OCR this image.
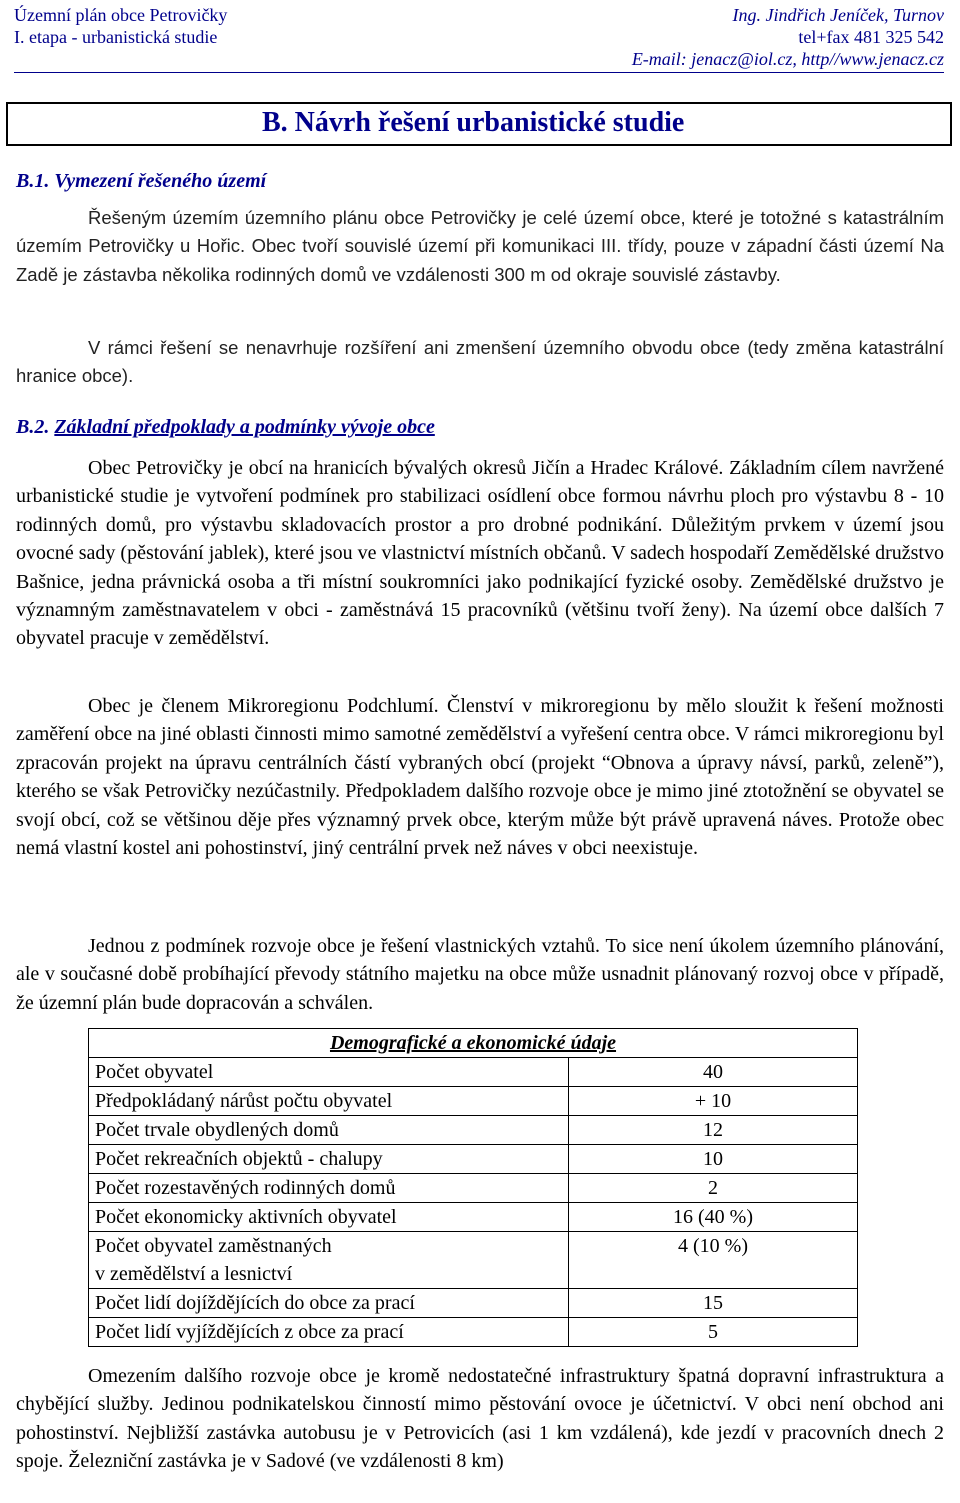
Územní plán obce Petrovičky
I. etapa - urbanistická studie
Ing. Jindřich Jeníček, Turnov
tel+fax 481 325 542
E-mail: jenacz@iol.cz, http//www.jenacz.cz
B. Návrh řešení urbanistické studie
B.1. Vymezení řešeného území
Řešeným územím územního plánu obce Petrovičky je celé území obce, které je totožné s katastrálním územím Petrovičky u Hořic. Obec tvoří souvislé území při komunikaci III. třídy, pouze v západní části území Na Zadě je zástavba několika rodinných domů ve vzdálenosti 300 m od okraje souvislé zástavby.
V rámci řešení se nenavrhuje rozšíření ani zmenšení územního obvodu obce (tedy změna katastrální hranice obce).
B.2. Základní předpoklady a podmínky vývoje obce
Obec Petrovičky je obcí na hranicích bývalých okresů Jičín a Hradec Králové. Základním cílem navržené urbanistické studie je vytvoření podmínek pro stabilizaci osídlení obce formou návrhu ploch pro výstavbu 8 - 10 rodinných domů, pro výstavbu skladovacích prostor a pro drobné podnikání. Důležitým prvkem v území jsou ovocné sady (pěstování jablek), které jsou ve vlastnictví místních občanů. V sadech hospodaří Zemědělské družstvo Bašnice, jedna právnická osoba a tři místní soukromníci jako podnikající fyzické osoby. Zemědělské družstvo je významným zaměstnavatelem v obci - zaměstnává 15 pracovníků (většinu tvoří ženy). Na území obce dalších 7 obyvatel pracuje v zemědělství.
Obec je členem Mikroregionu Podchlumí. Členství v mikroregionu by mělo sloužit k řešení možnosti zaměření obce na jiné oblasti činnosti mimo samotné zemědělství a vyřešení centra obce. V rámci mikroregionu byl zpracován projekt na úpravu centrálních částí vybraných obcí (projekt “Obnova a úpravy návsí, parků, zeleně”), kterého se však Petrovičky nezúčastnily. Předpokladem dalšího rozvoje obce je mimo jiné ztotožnění se obyvatel se svojí obcí, což se většinou děje přes významný prvek obce, kterým může být právě upravená náves. Protože obec nemá vlastní kostel ani pohostinství, jiný centrální prvek než náves v obci neexistuje.
Jednou z podmínek rozvoje obce je řešení vlastnických vztahů. To sice není úkolem územního plánování, ale v současné době probíhající převody státního majetku na obce může usnadnit plánovaný rozvoj obce v případě, že územní plán bude dopracován a schválen.
Demografické a ekonomické údaje	
Počet obyvatel	40
Předpokládaný nárůst počtu obyvatel	+ 10
Počet trvale obydlených domů	12
Počet rekreačních objektů - chalupy	10
Počet rozestavěných rodinných domů	2
Počet ekonomicky aktivních obyvatel	16 (40 %)

Počet obyvatel zaměstnaných
v zemědělství a lesnictví	4 (10 %)
Počet lidí dojíždějících do obce za prací	15
Počet lidí vyjíždějících z obce za prací	5
Omezením dalšího rozvoje obce je kromě nedostatečné infrastruktury špatná dopravní infrastruktura a chybějící služby. Jedinou podnikatelskou činností mimo pěstování ovoce je účetnictví. V obci není obchod ani pohostinství. Nejbližší zastávka autobusu je v Petrovicích (asi 1 km vzdálená), kde jezdí v pracovních dnech 2 spoje. Železniční zastávka je v Sadové (ve vzdálenosti 8 km)
